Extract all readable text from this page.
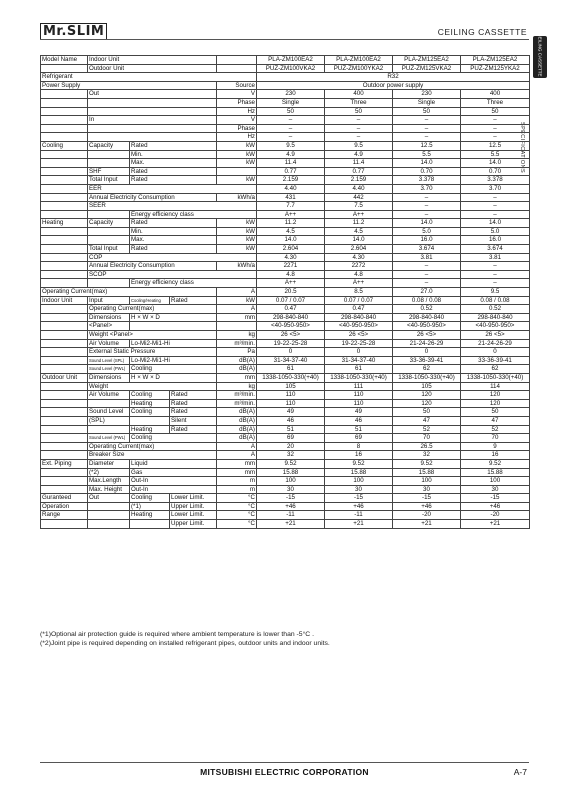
Mr.SLIM	CEILING CASSETTE
CEILING CASSETTE
SPECIFICATIONS
Model Name	Indoor Unit				PLA-ZM100EA2	PLA-ZM100EA2	PLA-ZM125EA2	PLA-ZM125EA2
	Outdoor Unit				PUZ-ZM100VKA2	PUZ-ZM100YKA2	PUZ-ZM125VKA2	PUZ-ZM125YKA2
Refrigerant					R32			
Power Supply				Source	Outdoor power supply			
	Out			V	230	400	230	400
				Phase	Single	Three	Single	Three
				Hz	50	50	50	50
	In			V	–	–	–	–
				Phase	–	–	–	–
				Hz	–	–	–	–
Cooling	Capacity	Rated		kW	9.5	9.5	12.5	12.5
		Min.		kW	4.9	4.9	5.5	5.5
		Max.		kW	11.4	11.4	14.0	14.0
	SHF	Rated			0.77	0.77	0.70	0.70
	Total Input	Rated		kW	2.159	2.159	3.378	3.378
	EER				4.40	4.40	3.70	3.70
	Annual Electricity Consumption			kWh/a	431	442	–	–
	SEER				7.7	7.5	–	–
		Energy efficiency class			A++	A++	–	–
Heating	Capacity	Rated		kW	11.2	11.2	14.0	14.0
		Min.		kW	4.5	4.5	5.0	5.0
		Max.		kW	14.0	14.0	16.0	16.0
	Total Input	Rated		kW	2.604	2.604	3.674	3.674
	COP				4.30	4.30	3.81	3.81
	Annual Electricity Consumption			kWh/a	2271	2272	–	–
	SCOP				4.8	4.8	–	–
		Energy efficiency class			A++	A++	–	–
Operating Current(max)				A	20.5	8.5	27.0	9.5
Indoor Unit	Input	Cooling/Heating	Rated	kW	0.07 / 0.07	0.07 / 0.07	0.08 / 0.08	0.08 / 0.08
	Operating Current(max)			A	0.47	0.47	0.52	0.52
	Dimensions	H × W × D		mm	298-840-840	298-840-840	298-840-840	298-840-840
	<Panel>				<40-950-950>	<40-950-950>	<40-950-950>	<40-950-950>
	Weight <Panel>			kg	26 <5>	26 <5>	26 <5>	26 <5>
	Air Volume	Lo-Mi2-Mi1-Hi		m³/min.	19-22-25-28	19-22-25-28	21-24-26-29	21-24-26-29
	External Static Pressure			Pa	0	0	0	0
	Sound Level (SPL)	Lo-Mi2-Mi1-Hi		dB(A)	31-34-37-40	31-34-37-40	33-36-39-41	33-36-39-41
	Sound Level (PWL)	Cooling		dB(A)	61	61	62	62
Outdoor Unit	Dimensions	H × W × D		mm	1338-1050-330(+40)	1338-1050-330(+40)	1338-1050-330(+40)	1338-1050-330(+40)
	Weight			kg	105	111	105	114
	Air Volume	Cooling	Rated	m³/min.	110	110	120	120
		Heating	Rated	m³/min.	110	110	120	120
	Sound Level	Cooling	Rated	dB(A)	49	49	50	50
	(SPL)		Silent	dB(A)	46	46	47	47
		Heating	Rated	dB(A)	51	51	52	52
	Sound Level (PWL)	Cooling		dB(A)	69	69	70	70
	Operating Current(max)			A	20	8	26.5	9
	Breaker Size			A	32	16	32	16
Ext. Piping	Diameter	Liquid		mm	9.52	9.52	9.52	9.52
	(*2)	Gas		mm	15.88	15.88	15.88	15.88
	Max.Length	Out-In		m	100	100	100	100
	Max. Height	Out-In		m	30	30	30	30
Guranteed	Out	Cooling	Lower Limit.	°C	-15	-15	-15	-15
Operation		(*1)	Upper Limit.	°C	+46	+46	+46	+46
Range		Heating	Lower Limit.	°C	-11	-11	-20	-20
			Upper Limit.	°C	+21	+21	+21	+21
(*1)Optional air protection guide is required where ambient temperature is lower than -5°C .
(*2)Joint pipe is required depending on installed refrigerant pipes, outdoor units and indoor units.
MITSUBISHI ELECTRIC CORPORATION	A-7
